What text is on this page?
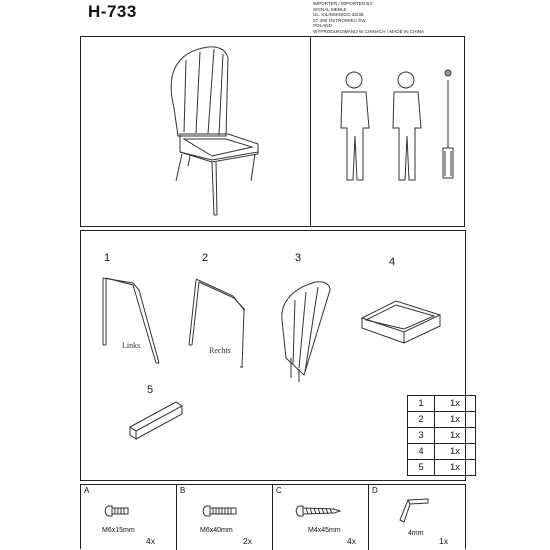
H-733	IMPORTER / IMPORTED BY:
SIGNAL MEBLE
UL. KILIŃSKIEGO 32/36
27-400 OSTROWIEC ŚW.
POLAND
WYPRODUKOWANO W CHINACH / MADE IN CHINA
1	2	3	4
5
Links
Rechts
1	1x
2	1x
3	1x
4	1x
5	1x
A
M6x15mm
4x
B
M6x40mm
2x
C
M4x45mm
4x
D
4mm
1x
